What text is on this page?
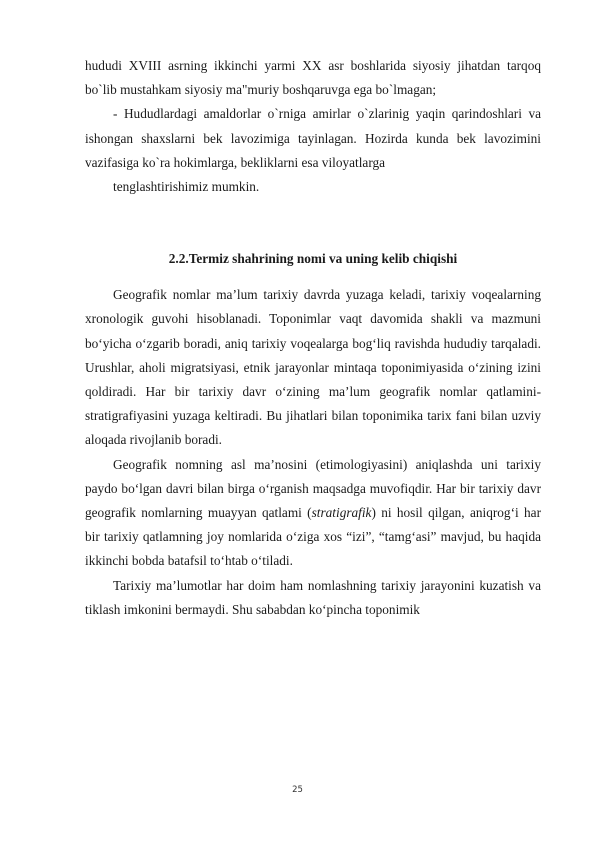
hududi XVIII asrning ikkinchi yarmi XX asr boshlarida siyosiy jihatdan tarqoq bo`lib mustahkam siyosiy ma"muriy boshqaruvga ega bo`lmagan;

- Hududlardagi amaldorlar o`rniga amirlar o`zlarinig yaqin qarindoshlari va ishongan shaxslarni bek lavozimiga tayinlagan. Hozirda kunda bek lavozimini vazifasiga ko`ra hokimlarga, bekliklarni esa viloyatlarga

tenglashtirishimiz mumkin.

2.2.Termiz shahrining nomi va uning kelib chiqishi

Geografik nomlar ma’lum tarixiy davrda yuzaga keladi, tarixiy voqealarning xronologik guvohi hisoblanadi. Toponimlar vaqt davomida shakli va mazmuni bo‘yicha o‘zgarib boradi, aniq tarixiy voqealarga bog‘liq ravishda hududiy tarqaladi. Urushlar, aholi migratsiyasi, etnik jarayonlar mintaqa toponimiyasida o‘zining izini qoldiradi. Har bir tarixiy davr o‘zining ma’lum geografik nomlar qatlamini- stratigrafiyasini yuzaga keltiradi. Bu jihatlari bilan toponimika tarix fani bilan uzviy aloqada rivojlanib boradi.

Geografik nomning asl ma’nosini (etimologiyasini) aniqlashda uni tarixiy paydo bo‘lgan davri bilan birga o‘rganish maqsadga muvofiqdir. Har bir tarixiy davr geografik nomlarning muayyan qatlami (stratigrafik) ni hosil qilgan, aniqrog‘i har bir tarixiy qatlamning joy nomlarida o‘ziga xos “izi”, “tamg‘asi” mavjud, bu haqida ikkinchi bobda batafsil to‘htab o‘tiladi.

Tarixiy ma’lumotlar har doim ham nomlashning tarixiy jarayonini kuzatish va tiklash imkonini bermaydi. Shu sababdan ko‘pincha toponimik

25
